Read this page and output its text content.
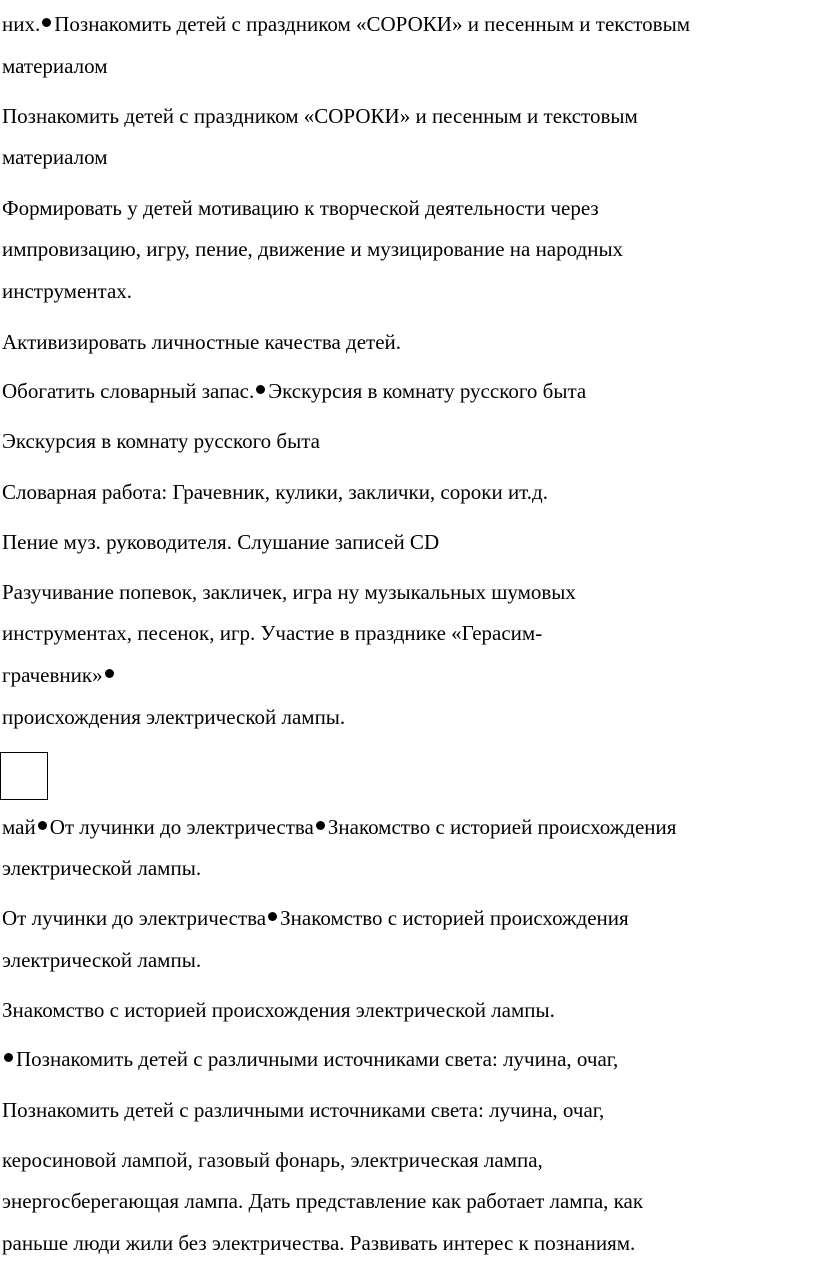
них. Познакомить детей с праздником «СОРОКИ» и песенным и текстовым
материалом
Познакомить детей с праздником «СОРОКИ» и песенным и текстовым
материалом
Формировать у детей мотивацию к творческой деятельности через
импровизацию, игру, пение, движение и музицирование на народных
инструментах.
Активизировать личностные качества детей.
Обогатить словарный запас. Экскурсия в комнату русского быта
Экскурсия в комнату русского быта
Словарная работа: Грачевник, кулики, заклички, сороки ит.д.
Пение муз. руководителя. Слушание записей CD
Разучивание попевок, закличек, игра ну музыкальных шумовых
инструментах, песенок, игр. Участие в празднике «Герасим-
грачевник»
происхождения электрической лампы.
май От лучинки до электричества Знакомство с историей происхождения
электрической лампы.
От лучинки до электричества Знакомство с историей происхождения
электрической лампы.
Знакомство с историей происхождения электрической лампы.
Познакомить детей с различными источниками света: лучина, очаг,
Познакомить детей с различными источниками света: лучина, очаг,
керосиновой лампой, газовый фонарь, электрическая лампа,
энергосберегающая лампа. Дать представление как работает лампа, как
раньше люди жили без электричества. Развивать интерес к познаниям.
